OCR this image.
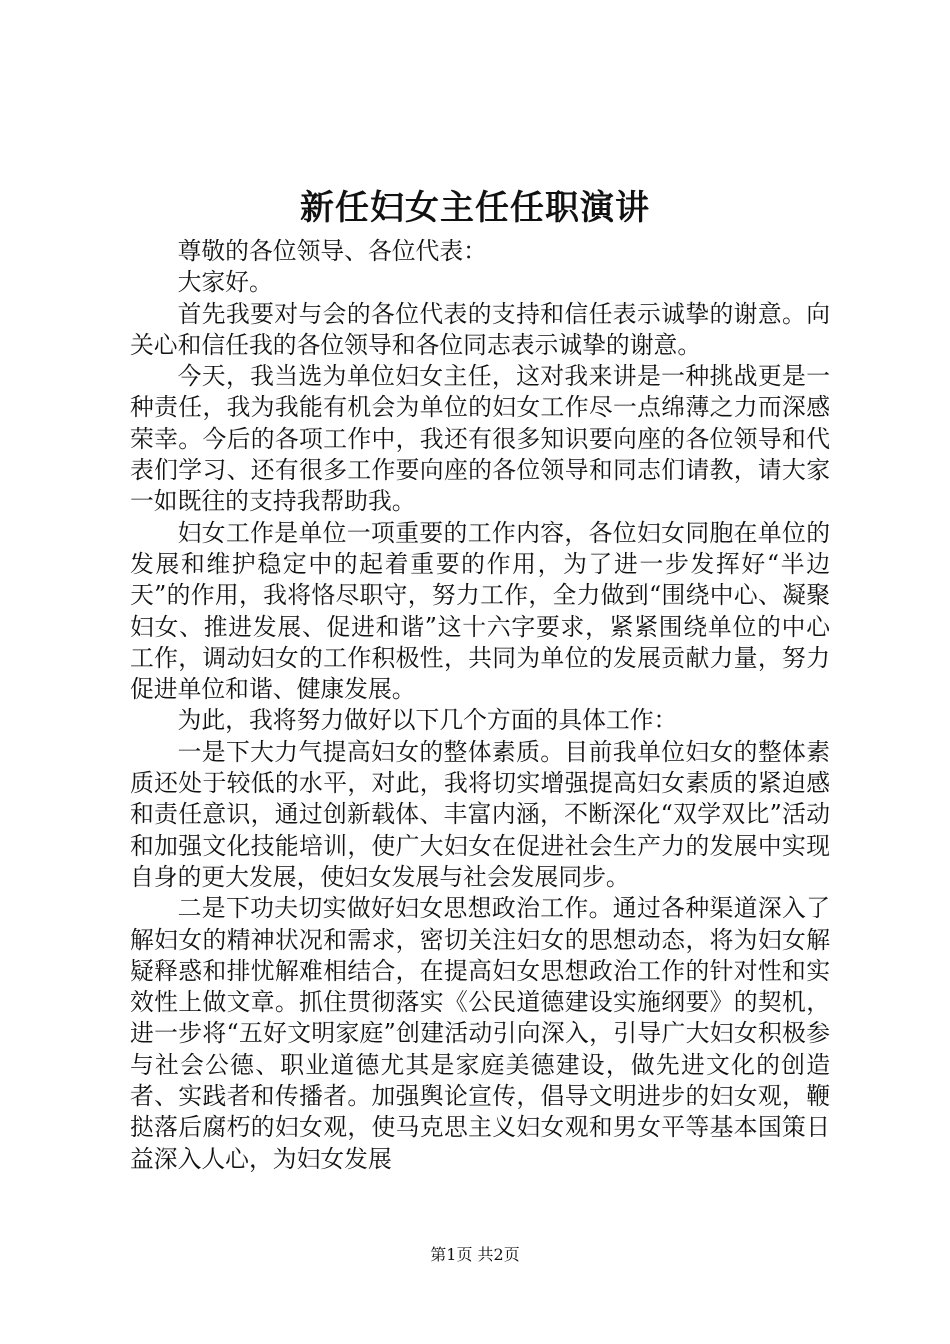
新任妇女主任任职演讲

尊敬的各位领导、各位代表：

大家好。

首先我要对与会的各位代表的支持和信任表示诚挚的谢意。向关心和信任我的各位领导和各位同志表示诚挚的谢意。

今天，我当选为单位妇女主任，这对我来讲是一种挑战更是一种责任，我为我能有机会为单位的妇女工作尽一点绵薄之力而深感荣幸。今后的各项工作中，我还有很多知识要向座的各位领导和代表们学习、还有很多工作要向座的各位领导和同志们请教，请大家一如既往的支持我帮助我。

妇女工作是单位一项重要的工作内容，各位妇女同胞在单位的发展和维护稳定中的起着重要的作用，为了进一步发挥好“半边天”的作用，我将恪尽职守，努力工作，全力做到“围绕中心、凝聚妇女、推进发展、促进和谐”这十六字要求，紧紧围绕单位的中心工作，调动妇女的工作积极性，共同为单位的发展贡献力量，努力促进单位和谐、健康发展。

为此，我将努力做好以下几个方面的具体工作：

一是下大力气提高妇女的整体素质。目前我单位妇女的整体素质还处于较低的水平，对此，我将切实增强提高妇女素质的紧迫感和责任意识，通过创新载体、丰富内涵，不断深化“双学双比”活动和加强文化技能培训，使广大妇女在促进社会生产力的发展中实现自身的更大发展，使妇女发展与社会发展同步。

二是下功夫切实做好妇女思想政治工作。通过各种渠道深入了解妇女的精神状况和需求，密切关注妇女的思想动态，将为妇女解疑释惑和排忧解难相结合，在提高妇女思想政治工作的针对性和实效性上做文章。抓住贯彻落实《公民道德建设实施纲要》的契机，进一步将“五好文明家庭”创建活动引向深入，引导广大妇女积极参与社会公德、职业道德尤其是家庭美德建设，做先进文化的创造者、实践者和传播者。加强舆论宣传，倡导文明进步的妇女观，鞭挞落后腐朽的妇女观，使马克思主义妇女观和男女平等基本国策日益深入人心，为妇女发展

第1页 共2页
